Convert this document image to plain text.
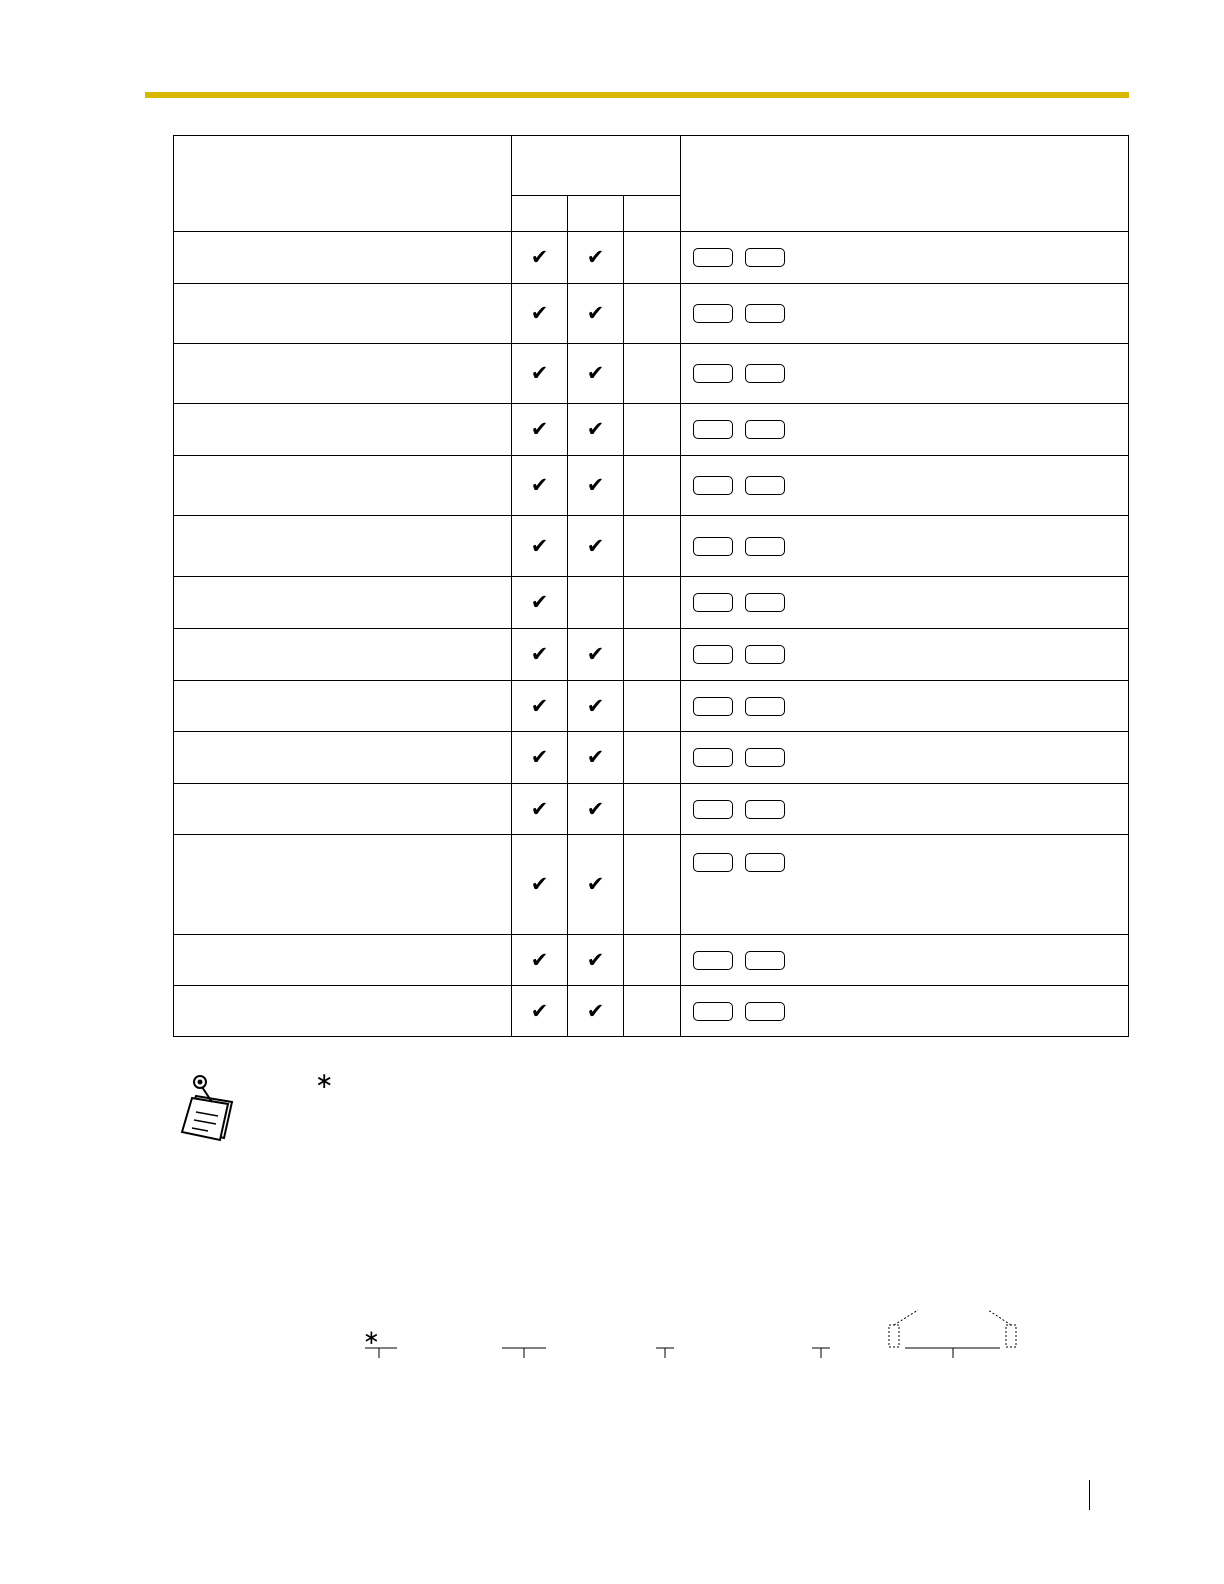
	✔	✔		
	✔	✔		
	✔	✔		
	✔	✔		
	✔	✔		
	✔	✔		
	✔			
	✔	✔		
	✔	✔		
	✔	✔		
	✔	✔		
	✔	✔		
	✔	✔		
	✔	✔		
∗
∗
